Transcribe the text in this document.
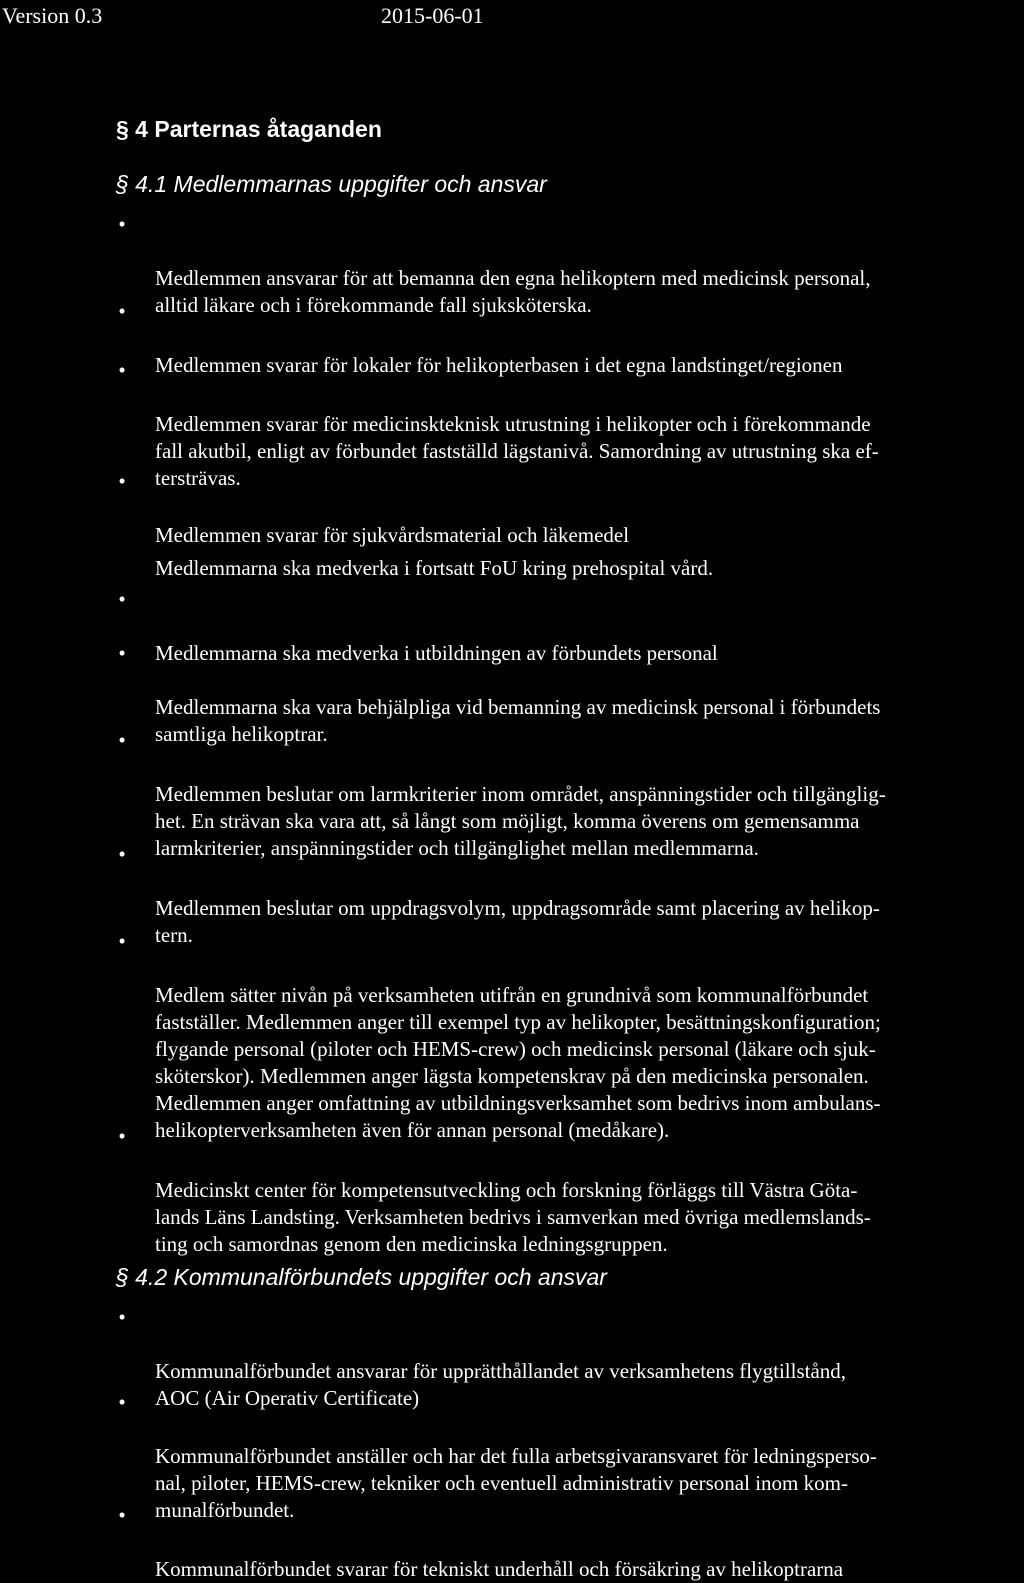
Version 0.3	2015-06-01
§ 4 Parternas åtaganden
§ 4.1 Medlemmarnas uppgifter och ansvar

•

Medlemmen ansvarar för att bemanna den egna helikoptern med medicinsk personal,
alltid läkare och i förekommande fall sjuksköterska.

•

Medlemmen svarar för lokaler för helikopterbasen i det egna landstinget/regionen

•

Medlemmen svarar för medicinskteknisk utrustning i helikopter och i förekommande
fall akutbil, enligt av förbundet fastställd lägstanivå. Samordning av utrustning ska ef-
tersträvas.

•

Medlemmen svarar för sjukvårdsmaterial och läkemedel

Medlemmarna ska medverka i fortsatt FoU kring prehospital vård.

•

Medlemmarna ska medverka i utbildningen av förbundets personal

•

Medlemmarna ska vara behjälpliga vid bemanning av medicinsk personal i förbundets
samtliga helikoptrar.

•

Medlemmen beslutar om larmkriterier inom området, anspänningstider och tillgänglig-
het. En strävan ska vara att, så långt som möjligt, komma överens om gemensamma
larmkriterier, anspänningstider och tillgänglighet mellan medlemmarna.

•

Medlemmen beslutar om uppdragsvolym, uppdragsområde samt placering av helikop-
tern.

•

Medlem sätter nivån på verksamheten utifrån en grundnivå som kommunalförbundet
fastställer. Medlemmen anger till exempel typ av helikopter, besättningskonfiguration;
flygande personal (piloter och HEMS-crew) och medicinsk personal (läkare och sjuk-
sköterskor). Medlemmen anger lägsta kompetenskrav på den medicinska personalen.
Medlemmen anger omfattning av utbildningsverksamhet som bedrivs inom ambulans-
helikopterverksamheten även för annan personal (medåkare).

•

Medicinskt center för kompetensutveckling och forskning förläggs till Västra Göta-
lands Läns Landsting. Verksamheten bedrivs i samverkan med övriga medlemslands-
ting och samordnas genom den medicinska ledningsgruppen.

§ 4.2 Kommunalförbundets uppgifter och ansvar

•

Kommunalförbundet ansvarar för upprätthållandet av verksamhetens flygtillstånd,
AOC (Air Operativ Certificate)

•

Kommunalförbundet anställer och har det fulla arbetsgivaransvaret för ledningsperso-
nal, piloter, HEMS-crew, tekniker och eventuell administrativ personal inom kom-
munalförbundet.

•

Kommunalförbundet svarar för tekniskt underhåll och försäkring av helikoptrarna
